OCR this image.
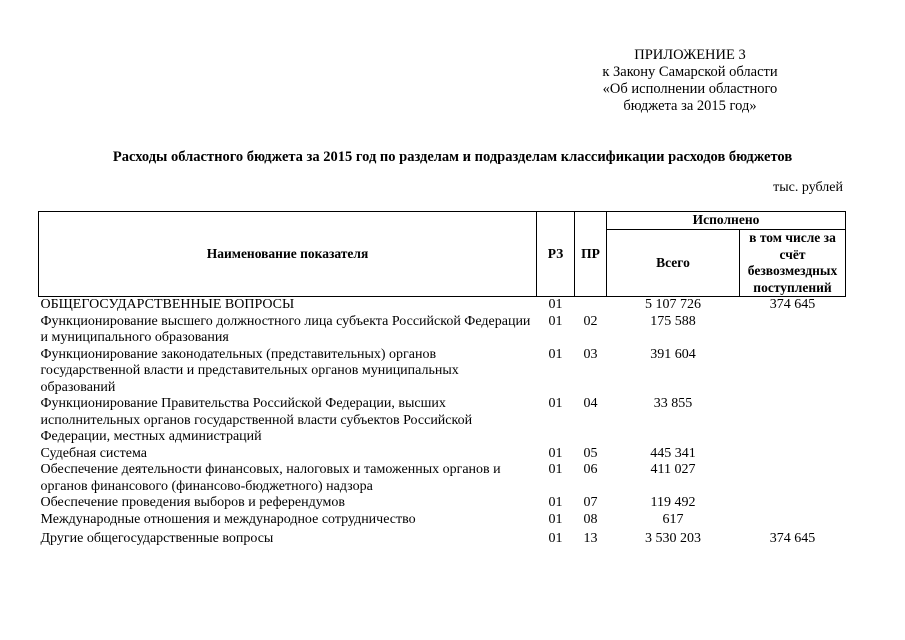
ПРИЛОЖЕНИЕ 3
к Закону Самарской области
«Об исполнении областного
бюджета за 2015 год»
Расходы областного бюджета за 2015 год по разделам и подразделам классификации расходов бюджетов
тыс. рублей
Наименование показателя	РЗ	ПР	Исполнено	
			Всего	в том числе за счёт безвозмездных поступлений
ОБЩЕГОСУДАРСТВЕННЫЕ ВОПРОСЫ	01		5 107 726	374 645
Функционирование высшего должностного лица субъекта Российской Федерации и муниципального образования	01	02	175 588	
Функционирование законодательных (представительных) органов государственной власти и представительных органов муниципальных образований	01	03	391 604	
Функционирование Правительства Российской Федерации, высших исполнительных органов государственной власти субъектов Российской Федерации, местных администраций	01	04	33 855	
Судебная система	01	05	445 341	
Обеспечение деятельности финансовых, налоговых и таможенных органов и органов финансового (финансово-бюджетного) надзора	01	06	411 027	
Обеспечение проведения выборов и референдумов	01	07	119 492	
Международные отношения и международное сотрудничество	01	08	617	
Другие общегосударственные вопросы	01	13	3 530 203	374 645
